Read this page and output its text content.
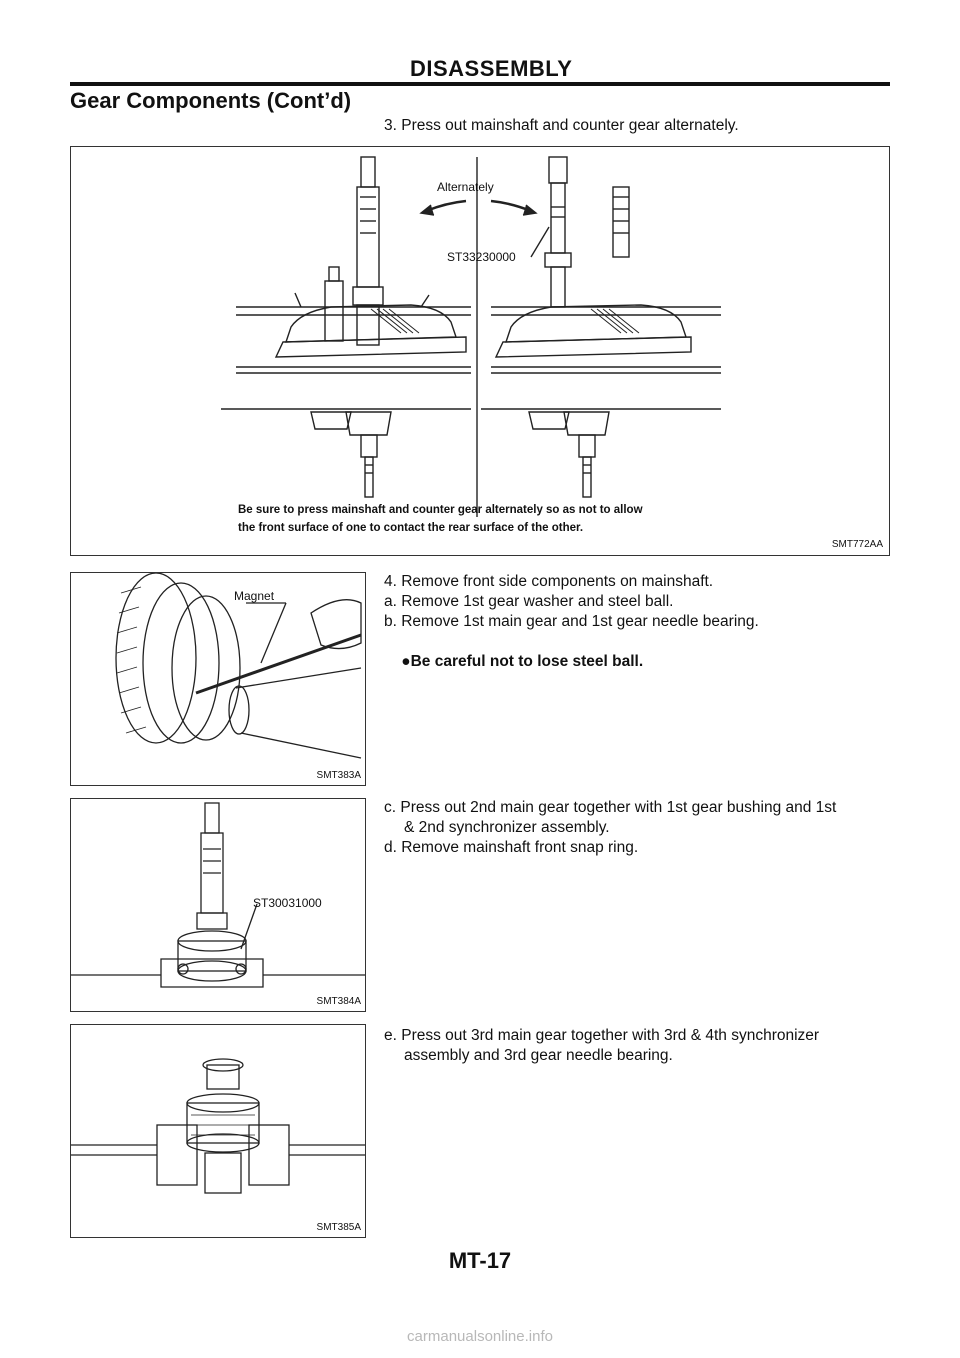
DISASSEMBLY
Gear Components (Cont’d)
3. Press out mainshaft and counter gear alternately.
Alternately
ST33230000
Be sure to press mainshaft and counter gear alternately so as not to allow
the front surface of one to contact the rear surface of the other.
SMT772AA
4. Remove front side components on mainshaft.
a. Remove 1st gear washer and steel ball.
b. Remove 1st main gear and 1st gear needle bearing.

●Be careful not to lose steel ball.

Magnet
SMT383A
c. Press out 2nd main gear together with 1st gear bushing and 1st
& 2nd synchronizer assembly.
d. Remove mainshaft front snap ring.
ST30031000
SMT384A
e. Press out 3rd main gear together with 3rd & 4th synchronizer
assembly and 3rd gear needle bearing.
SMT385A
MT-17
carmanualsonline.info
